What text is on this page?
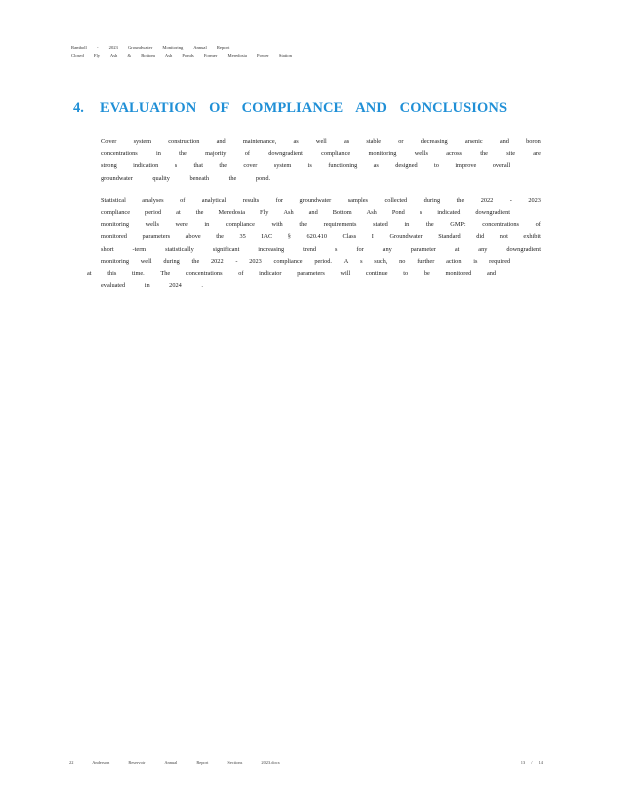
Ramboll - 2023 Groundwater Monitoring Annual Report
Closed Fly Ash & Bottom Ash Ponds Former Meredosia Power Station
4.	EVALUATION OF COMPLIANCE AND CONCLUSIONS

Cover	system	construction	and	maintenance,	as	well	as	stable	or	decreasing	arsenic	and	boron
concentrations	in	the	majority	of	downgradient	compliance	monitoring	wells	across	the	site	are
strong	indication	s	that	the	cover	system	is	functioning	as	designed	to	improve	overall
groundwater quality beneath the pond.

Statistical	analyses	of	analytical	results	for	groundwater	samples	collected	during	the	2022	-	2023
compliance period at the Meredosia Fly Ash and Bottom Ash Pond s indicated downgradient
monitoring	wells	were	in	compliance	with	the	requirements	stated	in	the	GMP:	concentrations	of
monitored parameters above the 35 IAC § 620.410 Class I Groundwater Standard did not exhibit
short	-term	statistically	significant	increasing	trend	s	for	any	parameter	at	any	downgradient
monitoring well during the 2022 - 2023 compliance period. A s such, no further action is required
at this time. The concentrations of indicator parameters will continue to be monitored and
evaluated in 2024 .

22 Anderson Reservoir Annual Report Sections 2023.docx	13 / 14
